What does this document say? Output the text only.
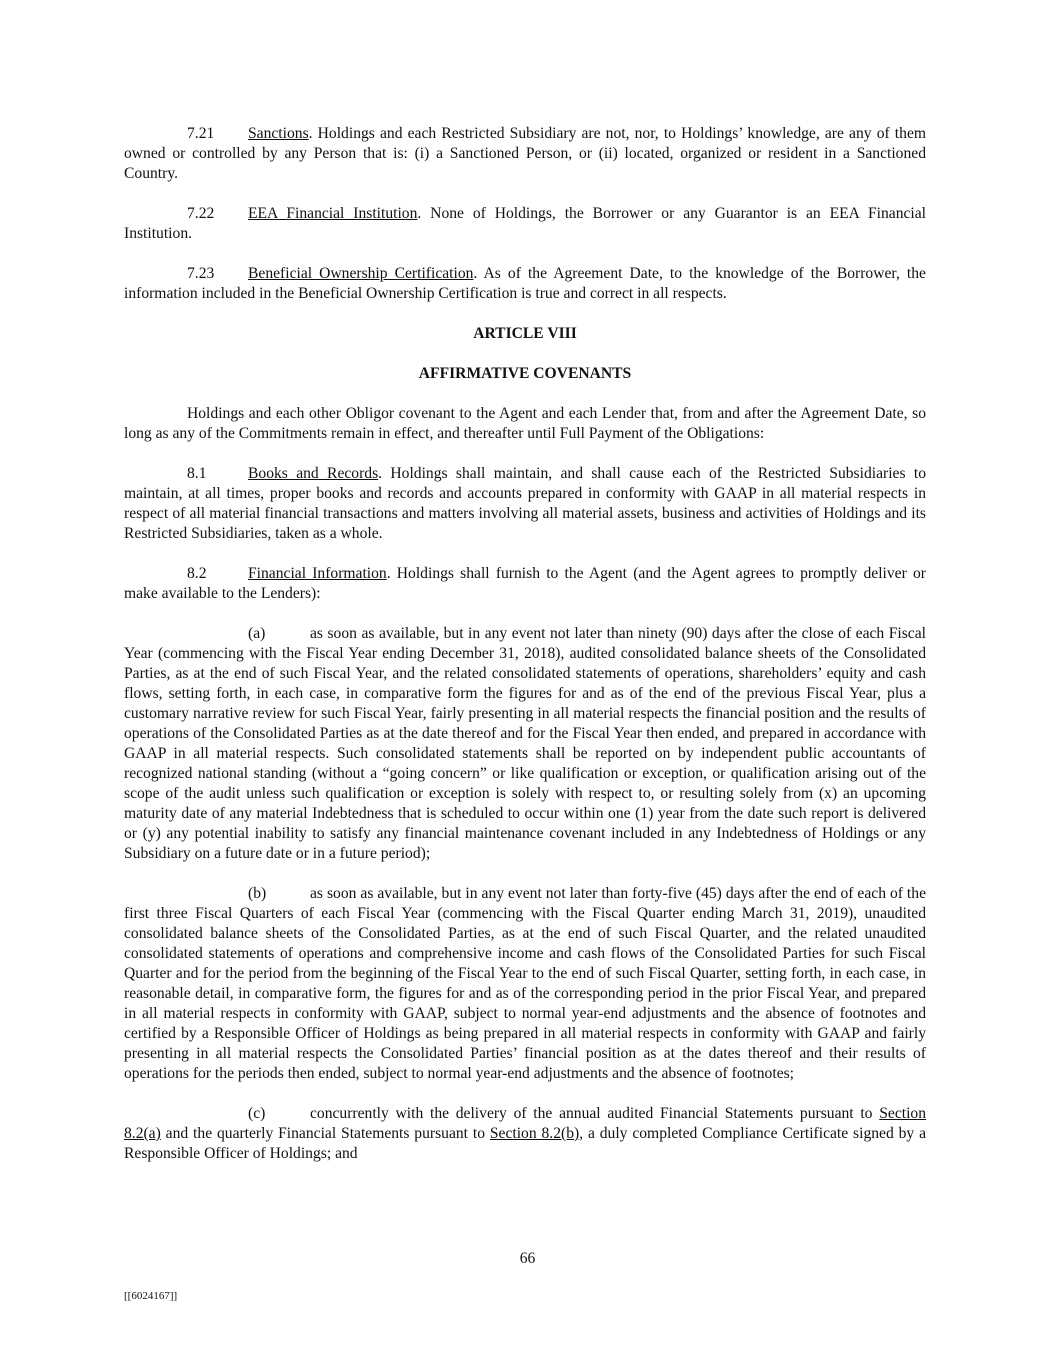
7.21 Sanctions. Holdings and each Restricted Subsidiary are not, nor, to Holdings’ knowledge, are any of them owned or controlled by any Person that is: (i) a Sanctioned Person, or (ii) located, organized or resident in a Sanctioned Country.

7.22 EEA Financial Institution. None of Holdings, the Borrower or any Guarantor is an EEA Financial Institution.

7.23 Beneficial Ownership Certification. As of the Agreement Date, to the knowledge of the Borrower, the information included in the Beneficial Ownership Certification is true and correct in all respects.

ARTICLE VIII
AFFIRMATIVE COVENANTS

Holdings and each other Obligor covenant to the Agent and each Lender that, from and after the Agreement Date, so long as any of the Commitments remain in effect, and thereafter until Full Payment of the Obligations:

8.1	Books and Records. Holdings shall maintain, and shall cause each of the Restricted Subsidiaries to maintain, at all times, proper books and records and accounts prepared in conformity with GAAP in all material respects in respect of all material financial transactions and matters involving all material assets, business and activities of Holdings and its Restricted Subsidiaries, taken as a whole.

8.2	Financial Information. Holdings shall furnish to the Agent (and the Agent agrees to promptly deliver or make available to the Lenders):

(a)	as soon as available, but in any event not later than ninety (90) days after the close of each Fiscal Year (commencing with the Fiscal Year ending December 31, 2018), audited consolidated balance sheets of the Consolidated Parties, as at the end of such Fiscal Year, and the related consolidated statements of operations, shareholders’ equity and cash flows, setting forth, in each case, in comparative form the figures for and as of the end of the previous Fiscal Year, plus a customary narrative review for such Fiscal Year, fairly presenting in all material respects the financial position and the results of operations of the Consolidated Parties as at the date thereof and for the Fiscal Year then ended, and prepared in accordance with GAAP in all material respects. Such consolidated statements shall be reported on by independent public accountants of recognized national standing (without a “going concern” or like qualification or exception, or qualification arising out of the scope of the audit unless such qualification or exception is solely with respect to, or resulting solely from (x) an upcoming maturity date of any material Indebtedness that is scheduled to occur within one (1) year from the date such report is delivered or (y) any potential inability to satisfy any financial maintenance covenant included in any Indebtedness of Holdings or any Subsidiary on a future date or in a future period);

(b)	as soon as available, but in any event not later than forty-five (45) days after the end of each of the first three Fiscal Quarters of each Fiscal Year (commencing with the Fiscal Quarter ending March 31, 2019), unaudited consolidated balance sheets of the Consolidated Parties, as at the end of such Fiscal Quarter, and the related unaudited consolidated statements of operations and comprehensive income and cash flows of the Consolidated Parties for such Fiscal Quarter and for the period from the beginning of the Fiscal Year to the end of such Fiscal Quarter, setting forth, in each case, in reasonable detail, in comparative form, the figures for and as of the corresponding period in the prior Fiscal Year, and prepared in all material respects in conformity with GAAP, subject to normal year-end adjustments and the absence of footnotes and certified by a Responsible Officer of Holdings as being prepared in all material respects in conformity with GAAP and fairly presenting in all material respects the Consolidated Parties’ financial position as at the dates thereof and their results of operations for the periods then ended, subject to normal year-end adjustments and the absence of footnotes;

(c)	concurrently with the delivery of the annual audited Financial Statements pursuant to Section 8.2(a) and the quarterly Financial Statements pursuant to Section 8.2(b), a duly completed Compliance Certificate signed by a Responsible Officer of Holdings; and

66
[[6024167]]
